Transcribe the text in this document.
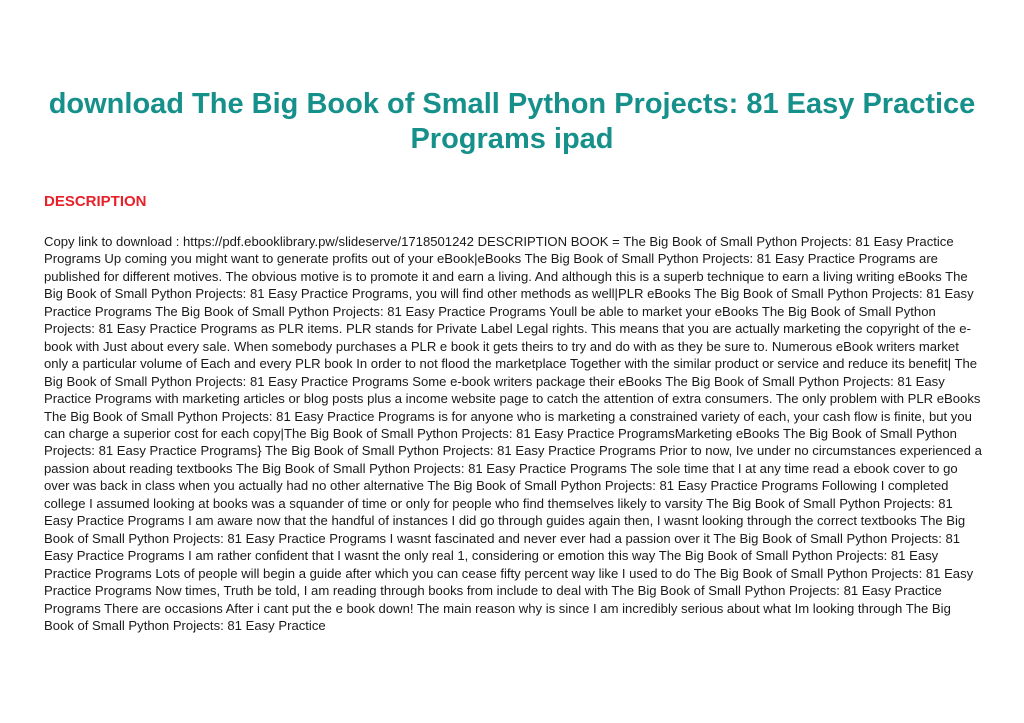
download The Big Book of Small Python Projects: 81 Easy Practice Programs ipad
DESCRIPTION

Copy link to download : https://pdf.ebooklibrary.pw/slideserve/1718501242 DESCRIPTION BOOK = The Big Book of Small Python Projects: 81 Easy Practice Programs Up coming you might want to generate profits out of your eBook|eBooks The Big Book of Small Python Projects: 81 Easy Practice Programs are published for different motives. The obvious motive is to promote it and earn a living. And although this is a superb technique to earn a living writing eBooks The Big Book of Small Python Projects: 81 Easy Practice Programs, you will find other methods as well|PLR eBooks The Big Book of Small Python Projects: 81 Easy Practice Programs The Big Book of Small Python Projects: 81 Easy Practice Programs Youll be able to market your eBooks The Big Book of Small Python Projects: 81 Easy Practice Programs as PLR items. PLR stands for Private Label Legal rights. This means that you are actually marketing the copyright of the e-book with Just about every sale. When somebody purchases a PLR e book it gets theirs to try and do with as they be sure to. Numerous eBook writers market only a particular volume of Each and every PLR book In order to not flood the marketplace Together with the similar product or service and reduce its benefit| The Big Book of Small Python Projects: 81 Easy Practice Programs Some e-book writers package their eBooks The Big Book of Small Python Projects: 81 Easy Practice Programs with marketing articles or blog posts plus a income website page to catch the attention of extra consumers. The only problem with PLR eBooks The Big Book of Small Python Projects: 81 Easy Practice Programs is for anyone who is marketing a constrained variety of each, your cash flow is finite, but you can charge a superior cost for each copy|The Big Book of Small Python Projects: 81 Easy Practice ProgramsMarketing eBooks The Big Book of Small Python Projects: 81 Easy Practice Programs} The Big Book of Small Python Projects: 81 Easy Practice Programs Prior to now, Ive under no circumstances experienced a passion about reading textbooks The Big Book of Small Python Projects: 81 Easy Practice Programs The sole time that I at any time read a ebook cover to go over was back in class when you actually had no other alternative The Big Book of Small Python Projects: 81 Easy Practice Programs Following I completed college I assumed looking at books was a squander of time or only for people who find themselves likely to varsity The Big Book of Small Python Projects: 81 Easy Practice Programs I am aware now that the handful of instances I did go through guides again then, I wasnt looking through the correct textbooks The Big Book of Small Python Projects: 81 Easy Practice Programs I wasnt fascinated and never ever had a passion over it The Big Book of Small Python Projects: 81 Easy Practice Programs I am rather confident that I wasnt the only real 1, considering or emotion this way The Big Book of Small Python Projects: 81 Easy Practice Programs Lots of people will begin a guide after which you can cease fifty percent way like I used to do The Big Book of Small Python Projects: 81 Easy Practice Programs Now times, Truth be told, I am reading through books from include to deal with The Big Book of Small Python Projects: 81 Easy Practice Programs There are occasions After i cant put the e book down! The main reason why is since I am incredibly serious about what Im looking through The Big Book of Small Python Projects: 81 Easy Practice
